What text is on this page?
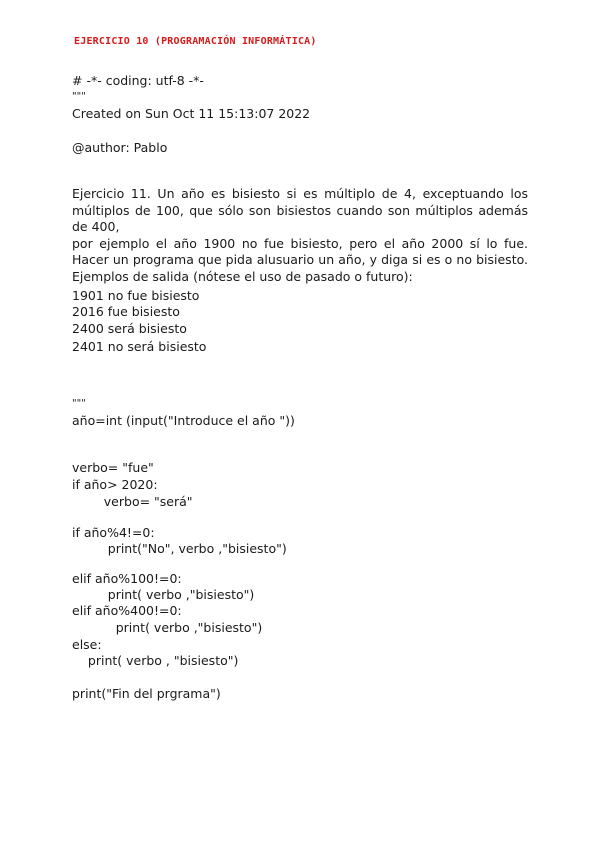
EJERCICIO 10 (PROGRAMACIÓN INFORMÁTICA)
# -*- coding: utf-8 -*-
"""
Created on Sun Oct 11 15:13:07 2022
@author: Pablo

Ejercicio 11. Un año es bisiesto si es múltiplo de 4, exceptuando los múltiplos de 100, que sólo son bisiestos cuando son múltiplos además de 400,

por ejemplo el año 1900 no fue bisiesto, pero el año 2000 sí lo fue. Hacer un programa que pida alusuario un año, y diga si es o no bisiesto. Ejemplos de salida (nótese el uso de pasado o futuro):

1901 no fue bisiesto
2016 fue bisiesto
2400 será bisiesto
2401 no será bisiesto
"""
año=int (input("Introduce el año "))
verbo= "fue"
if año> 2020:
verbo= "será"
if año%4!=0:
print("No", verbo ,"bisiesto")
elif año%100!=0:
print( verbo ,"bisiesto")
elif año%400!=0:
print( verbo ,"bisiesto")
else:
print( verbo , "bisiesto")
print("Fin del prgrama")
